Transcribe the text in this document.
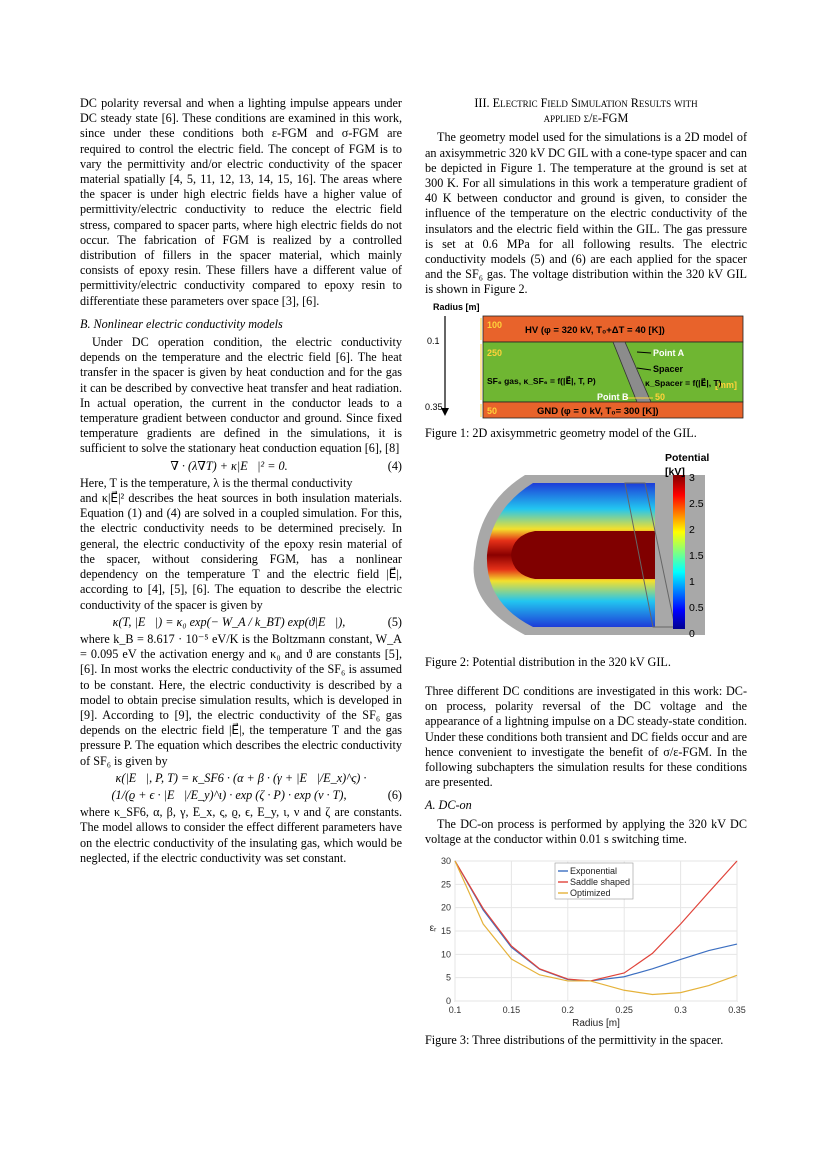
DC polarity reversal and when a lighting impulse appears under DC steady state [6]. These conditions are examined in this work, since under these conditions both ε-FGM and σ-FGM are required to control the electric field. The concept of FGM is to vary the permittivity and/or electric conductivity of the spacer material spatially [4, 5, 11, 12, 13, 14, 15, 16]. The areas where the spacer is under high electric fields have a higher value of permittivity/electric conductivity to reduce the electric field stress, compared to spacer parts, where high electric fields do not occur. The fabrication of FGM is realized by a controlled distribution of fillers in the spacer material, which mainly consists of epoxy resin. These fillers have a different value of permittivity/electric conductivity compared to epoxy resin to differentiate these parameters over space [3], [6].

B. Nonlinear electric conductivity models

Under DC operation condition, the electric conductivity depends on the temperature and the electric field [6]. The heat transfer in the spacer is given by heat conduction and for the gas it can be described by convective heat transfer and heat radiation. In actual operation, the current in the conductor leads to a temperature gradient between conductor and ground. Since fixed temperature gradients are defined in the simulations, it is sufficient to solve the stationary heat conduction equation [6], [8]

∇ · (λ∇T) + κ|E⃗|² = 0.	(4)

Here, T is the temperature, λ is the thermal conductivity

and κ|E⃗|² describes the heat sources in both insulation materials. Equation (1) and (4) are solved in a coupled simulation. For this, the electric conductivity needs to be determined precisely. In general, the electric conductivity of the epoxy resin material of the spacer, without considering FGM, has a nonlinear dependency on the temperature T and the electric field |E⃗|, according to [4], [5], [6]. The equation to describe the electric conductivity of the spacer is given by

κ(T, |E⃗|) = κ₀ exp(− W_A / k_BT) exp(ϑ|E⃗|),	(5)

where k_B = 8.617 · 10⁻⁵ eV/K is the Boltzmann constant, W_A = 0.095 eV the activation energy and κ₀ and ϑ are constants [5], [6]. In most works the electric conductivity of the SF₆ is assumed to be constant. Here, the electric conductivity is described by a model to obtain precise simulation results, which is developed in [9]. According to [9], the electric conductivity of the SF₆ gas depends on the electric field |E⃗|, the temperature T and the gas pressure P. The equation which describes the electric conductivity of SF₆ is given by

κ(|E⃗|, P, T) = κ_SF6 · (α + β · (γ + |E⃗|/E_x)^ς) ·
(1/(ϱ + ϵ · |E⃗|/E_y)^ι) · exp (ζ · P) · exp (ν · T),	(6)

where κ_SF6, α, β, γ, E_x, ς, ϱ, ϵ, E_y, ι, ν and ζ are constants. The model allows to consider the effect different parameters have on the electric conductivity of the insulating gas, which would be neglected, if the electric conductivity was set constant.

III. Electric Field Simulation Results with
applied σ/ε-FGM

The geometry model used for the simulations is a 2D model of an axisymmetric 320 kV DC GIL with a cone-type spacer and can be depicted in Figure 1. The temperature at the ground is set at 300 K. For all simulations in this work a temperature gradient of 40 K between conductor and ground is given, to consider the influence of the temperature on the electric conductivity of the insulators and the electric field within the GIL. The gas pressure is set at 0.6 MPa for all following results. The electric conductivity models (5) and (6) are each applied for the spacer and the SF₆ gas. The voltage distribution within the 320 kV GIL is shown in Figure 2.

Radius [m]
0.1
0.35
100
250
50
50
[mm]
HV (φ = 320 kV, T₀+ΔT = 40 [K])
Point A
Spacer
SF₆ gas, κ_SF₆ = f(|E⃗|, T, P)	κ_Spacer = f(|E⃗|, T)
Point B
GND (φ = 0 kV, T₀= 300 [K])

Figure 1: 2D axisymmetric geometry model of the GIL.

Potential
[kV] 3
2.5
2
1.5
1
0.5
0

Figure 2: Potential distribution in the 320 kV GIL.

Three different DC conditions are investigated in this work: DC-on process, polarity reversal of the DC voltage and the appearance of a lightning impulse on a DC steady-state condition. Under these conditions both transient and DC fields occur and are hence convenient to investigate the benefit of σ/ε-FGM. In the following subchapters the simulation results for these conditions are presented.

A. DC-on

The DC-on process is performed by applying the 320 kV DC voltage at the conductor within 0.01 s switching time.

0.1	0.15	0.2	0.25	0.3	0.35
0
5
10
15
20
25
30
Radius [m]
εᵣ
Exponential
Saddle shaped
Optimized

Figure 3: Three distributions of the permittivity in the spacer.
